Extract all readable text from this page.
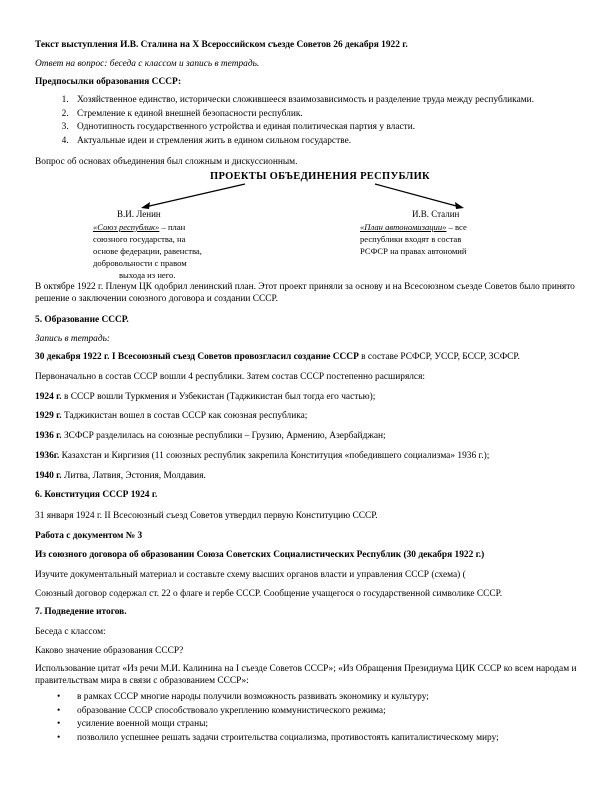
Текст выступления И.В. Сталина на X Всероссийском съезде Советов 26 декабря 1922 г.
Ответ на вопрос: беседа с классом и запись в тетрадь.
Предпосылки образования СССР:
1. Хозяйственное единство, исторически сложившееся взаимозависимость и разделение труда между республиками.
2. Стремление к единой внешней безопасности республик.
3. Однотипность государственного устройства и единая политическая партия у власти.
4. Актуальные идеи и стремления жить в едином сильном государстве.
Вопрос об основах объединения был сложным и дискуссионным.
ПРОЕКТЫ ОБЪЕДИНЕНИЯ РЕСПУБЛИК
В.И. Ленин
«Союз республик» – план
союзного государства, на
основе федерации, равенства,
добровольности с правом
выхода из него.
И.В. Сталин
«План автономизации» – все
республики входят в состав
РСФСР на правах автономий
В октябре 1922 г. Пленум ЦК одобрил ленинский план. Этот проект приняли за основу и на Всесоюзном съезде Советов было принято решение о заключении союзного договора и создании СССР.
5. Образование СССР.
Запись в тетрадь:
30 декабря 1922 г. I Всесоюзный съезд Советов провозгласил создание СССР в составе РСФСР, УССР, БССР, ЗСФСР.
Первоначально в состав СССР вошли 4 республики. Затем состав СССР постепенно расширялся:
1924 г. в СССР вошли Туркмения и Узбекистан (Таджикистан был тогда его частью);
1929 г. Таджикистан вошел в состав СССР как союзная республика;
1936 г. ЗСФСР разделилась на союзные республики – Грузию, Армению, Азербайджан;
1936г. Казахстан и Киргизия (11 союзных республик закрепила Конституция «победившего социализма» 1936 г.);
1940 г. Литва, Латвия, Эстония, Молдавия.
6. Конституция СССР 1924 г.
31 января 1924 г. II Всесоюзный съезд Советов утвердил первую Конституцию СССР.
Работа с документом № 3
Из союзного договора об образовании Союза Советских Социалистических Республик (30 декабря 1922 г.)
Изучите документальный материал и составьте схему высших органов власти и управления СССР (схема) (
Союзный договор содержал ст. 22 о флаге и гербе СССР. Сообщение учащегося о государственной символике СССР.
7. Подведение итогов.
Беседа с классом:
Каково значение образования СССР?
Использование цитат «Из речи М.И. Калинина на I съезде Советов СССР»; «Из Обращения Президиума ЦИК СССР ко всем народам и правительствам мира в связи с образованием СССР»:
• в рамках СССР многие народы получили возможность развивать экономику и культуру;
• образование СССР способствовало укреплению коммунистического режима;
• усиление военной мощи страны;
• позволило успешнее решать задачи строительства социализма, противостоять капиталистическому миру;
